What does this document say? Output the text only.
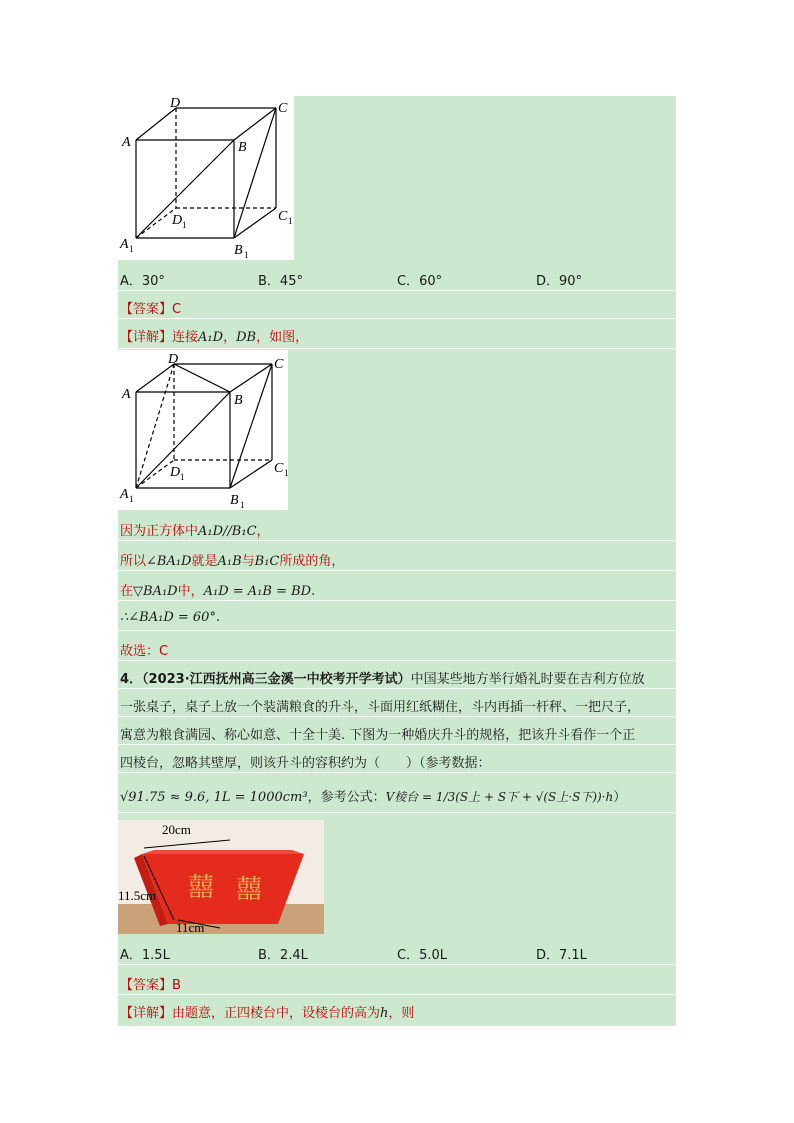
D	C
A	B
D 1
C 1
A 1	B 1
A．30°	B．45°	C．60°	D．90°
【答案】C
【详解】连接A₁D，DB，如图，
D	C
A	B
D 1
C 1
A 1	B 1
因为正方体中A₁D//B₁C，
所以∠BA₁D就是A₁B与B₁C所成的角，
在▽BA₁D中，A₁D = A₁B = BD.
∴∠BA₁D = 60°.
故选：C
4．（2023·江西抚州高三金溪一中校考开学考试）中国某些地方举行婚礼时要在吉利方位放
一张桌子，桌子上放一个装满粮食的升斗，斗面用红纸糊住，斗内再插一杆秤、一把尺子，
寓意为粮食满园、称心如意、十全十美. 下图为一种婚庆升斗的规格，把该升斗看作一个正
四棱台，忽略其壁厚，则该升斗的容积约为（　　）（参考数据：
√91.75 ≈ 9.6, 1L = 1000cm³，参考公式：V棱台 = 1/3(S上 + S下 + √(S上·S下))·h）
囍 囍
20cm
11.5cm
11cm
A．1.5L	B．2.4L	C．5.0L	D．7.1L
【答案】B
【详解】由题意，正四棱台中，设棱台的高为h，则
